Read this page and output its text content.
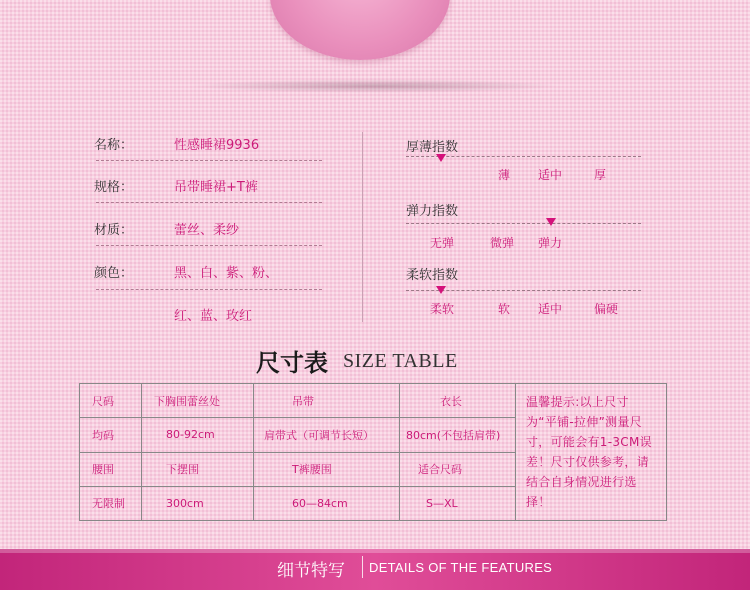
名称：	性感睡裙9936
规格：	吊带睡裙+T裤
材质：	蕾丝、柔纱
颜色：	黑、白、紫、粉、
红、蓝、玫红
厚薄指数
薄 适中	厚
弹力指数
无弹	微弹 弹力
柔软指数
柔软	软 适中	偏硬
尺寸表 SIZE TABLE
尺码	下胸围蕾丝处	吊带	衣长	温馨提示:以上尺寸为“平铺-拉伸”测量尺寸，可能会有1-3CM误差！尺寸仅供参考，请结合自身情况进行选择！
均码	80-92cm	肩带式（可调节长短）	80cm(不包括肩带)	
腰围	下摆围	T裤腰围	适合尺码	
无限制	300cm	60—84cm	S—XL	
细节特写 DETAILS OF THE FEATURES
